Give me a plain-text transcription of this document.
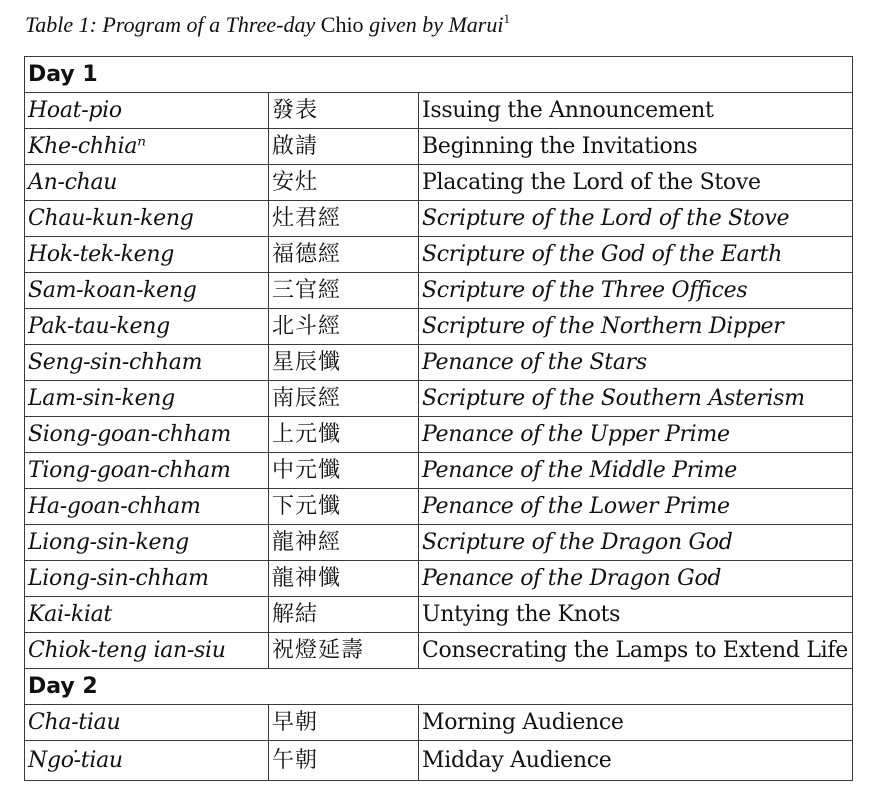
Table 1: Program of a Three-day Chio given by Marui$^1$
Day 1		
Hoat-pio	發表	Issuing the Announcement
Khe-chhiaⁿ	啟請	Beginning the Invitations
An-chau	安灶	Placating the Lord of the Stove
Chau-kun-keng	灶君經	Scripture of the Lord of the Stove
Hok-tek-keng	福德經	Scripture of the God of the Earth
Sam-koan-keng	三官經	Scripture of the Three Offices
Pak-tau-keng	北斗經	Scripture of the Northern Dipper
Seng-sin-chham	星辰懺	Penance of the Stars
Lam-sin-keng	南辰經	Scripture of the Southern Asterism
Siong-goan-chham	上元懺	Penance of the Upper Prime
Tiong-goan-chham	中元懺	Penance of the Middle Prime
Ha-goan-chham	下元懺	Penance of the Lower Prime
Liong-sin-keng	龍神經	Scripture of the Dragon God
Liong-sin-chham	龍神懺	Penance of the Dragon God
Kai-kiat	解結	Untying the Knots
Chiok-teng ian-siu	祝燈延壽	Consecrating the Lamps to Extend Life
Day 2		
Cha-tiau	早朝	Morning Audience
Ngo͘-tiau	午朝	Midday Audience
